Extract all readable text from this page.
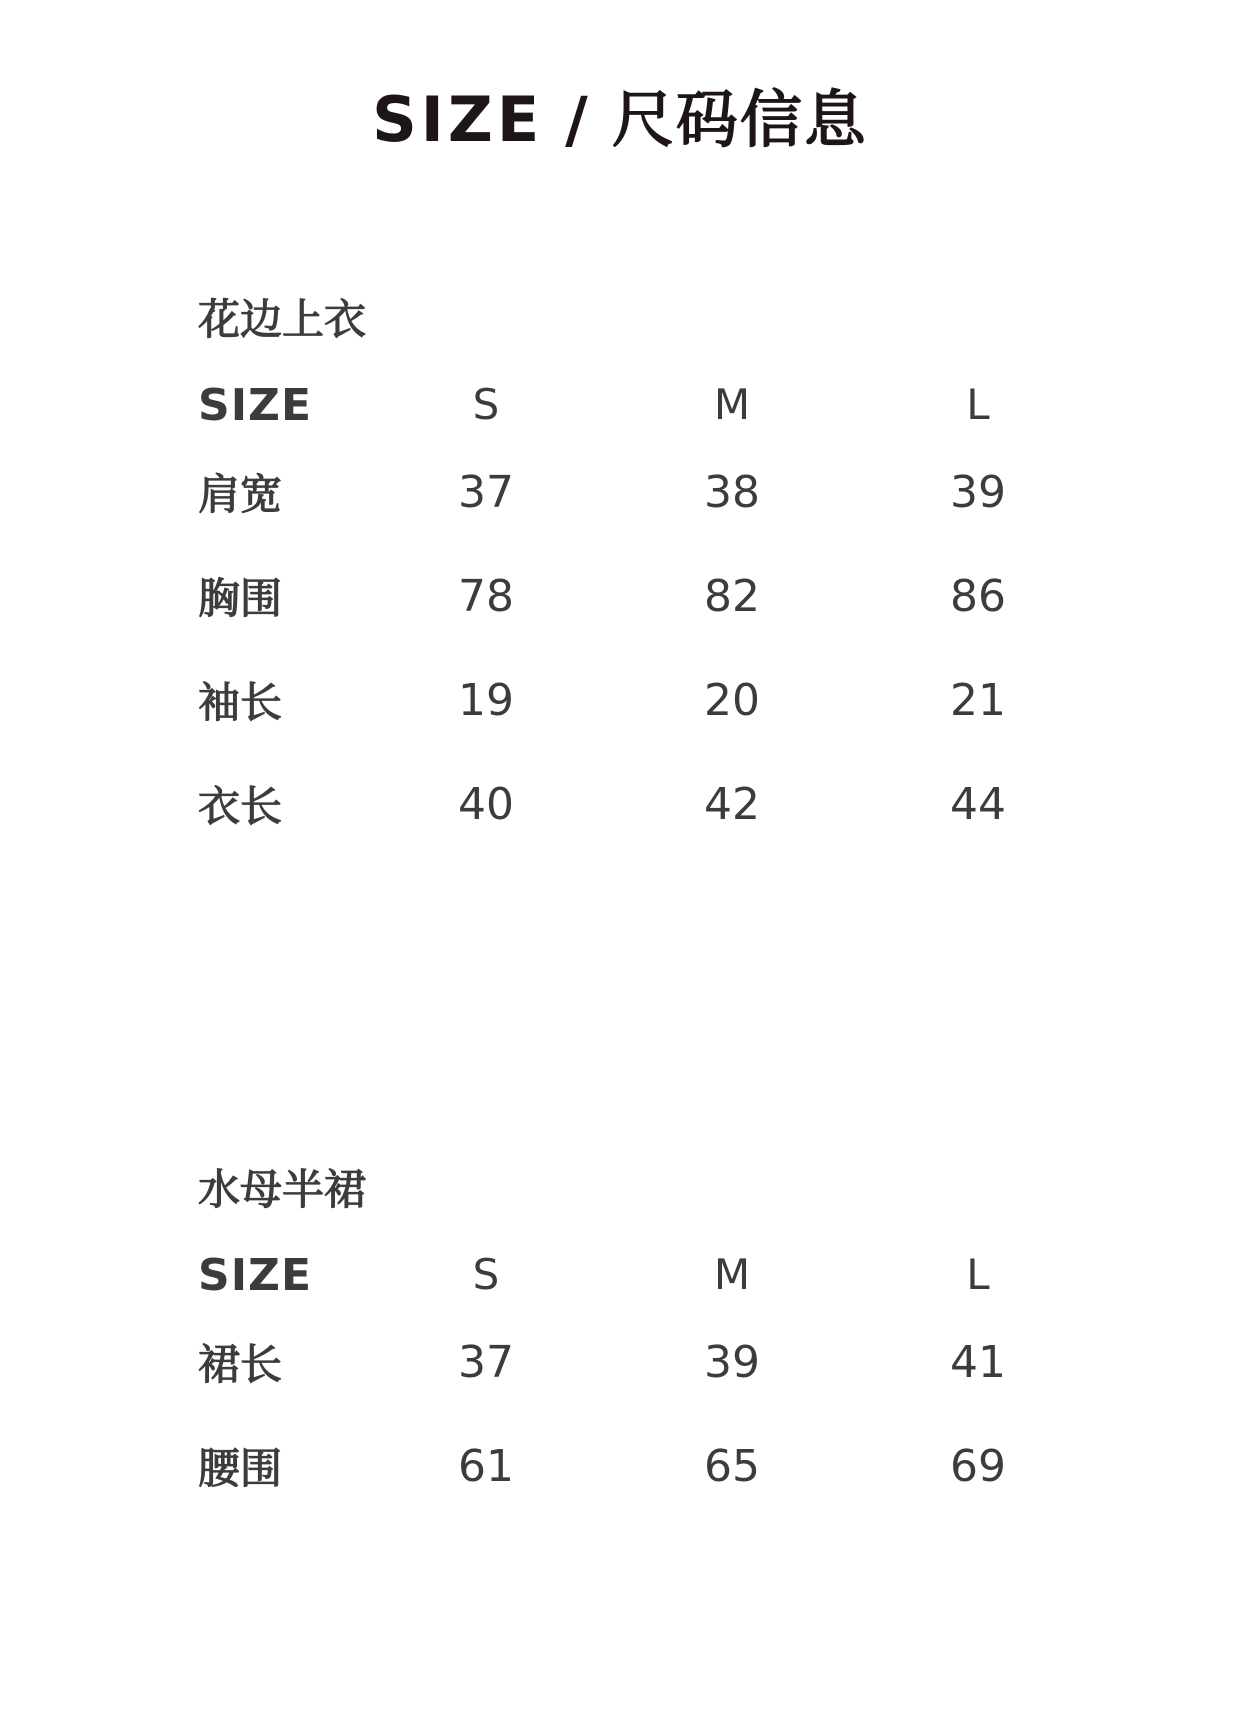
SIZE / 尺码信息
花边上衣
SIZE	S	M	L
肩宽	37	38	39
胸围	78	82	86
袖长	19	20	21
衣长	40	42	44
水母半裙
SIZE	S	M	L
裙长	37	39	41
腰围	61	65	69
